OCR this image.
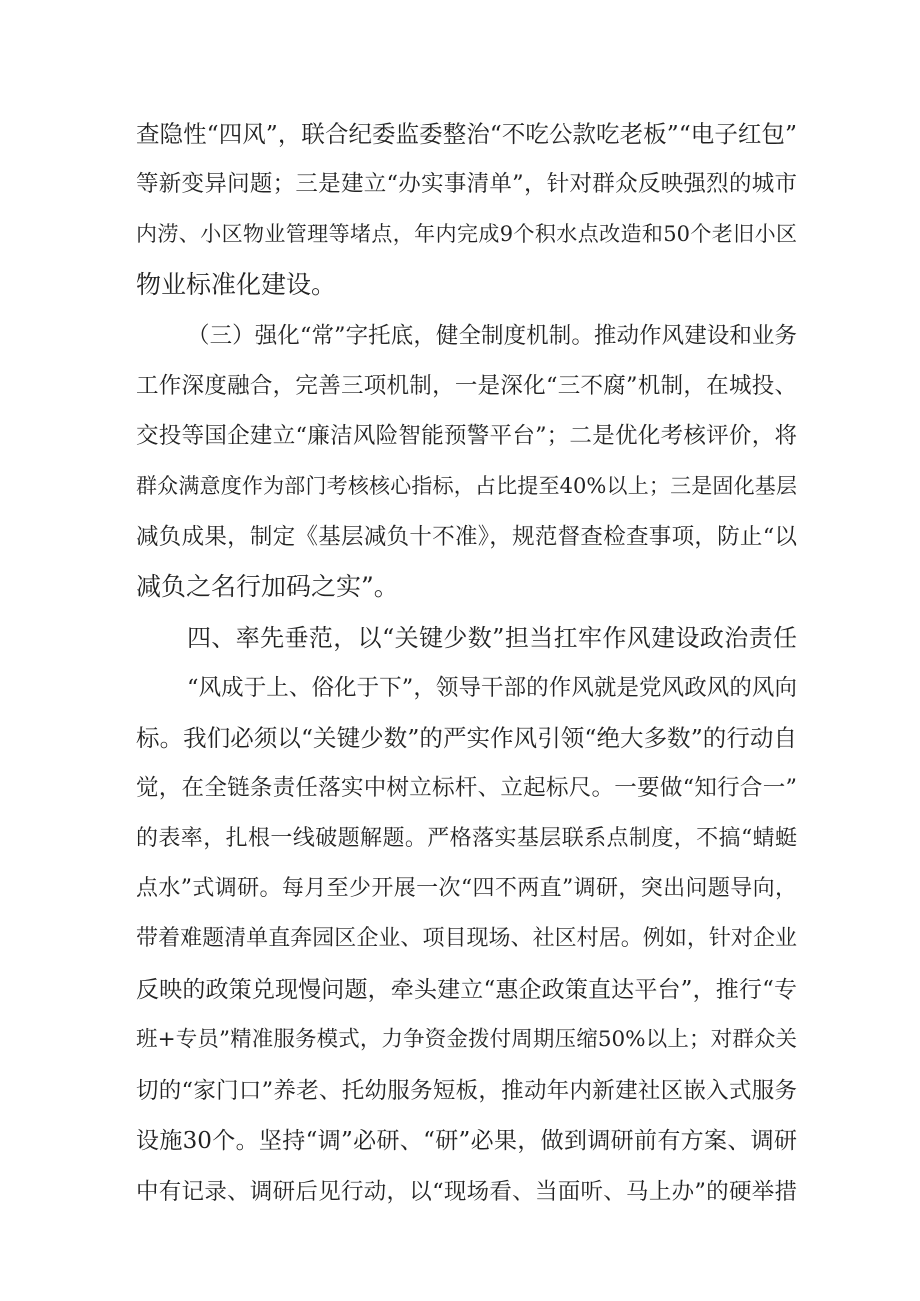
查隐性“四风”，联合纪委监委整治“不吃公款吃老板”“电子红包”
等新变异问题；三是建立“办实事清单”，针对群众反映强烈的城市
内涝、小区物业管理等堵点，年内完成9个积水点改造和50个老旧小区
物业标准化建设。
（三）强化“常”字托底，健全制度机制。推动作风建设和业务
工作深度融合，完善三项机制，一是深化“三不腐”机制，在城投、
交投等国企建立“廉洁风险智能预警平台”；二是优化考核评价，将
群众满意度作为部门考核核心指标，占比提至40%以上；三是固化基层
减负成果，制定《基层减负十不准》，规范督查检查事项，防止“以
减负之名行加码之实”。
四、率先垂范，以“关键少数”担当扛牢作风建设政治责任
“风成于上、俗化于下”，领导干部的作风就是党风政风的风向
标。我们必须以“关键少数”的严实作风引领“绝大多数”的行动自
觉，在全链条责任落实中树立标杆、立起标尺。一要做“知行合一”
的表率，扎根一线破题解题。严格落实基层联系点制度，不搞“蜻蜓
点水”式调研。每月至少开展一次“四不两直”调研，突出问题导向，
带着难题清单直奔园区企业、项目现场、社区村居。例如，针对企业
反映的政策兑现慢问题，牵头建立“惠企政策直达平台”，推行“专
班+专员”精准服务模式，力争资金拨付周期压缩50%以上；对群众关
切的“家门口”养老、托幼服务短板，推动年内新建社区嵌入式服务
设施30个。坚持“调”必研、“研”必果，做到调研前有方案、调研
中有记录、调研后见行动，以“现场看、当面听、马上办”的硬举措
